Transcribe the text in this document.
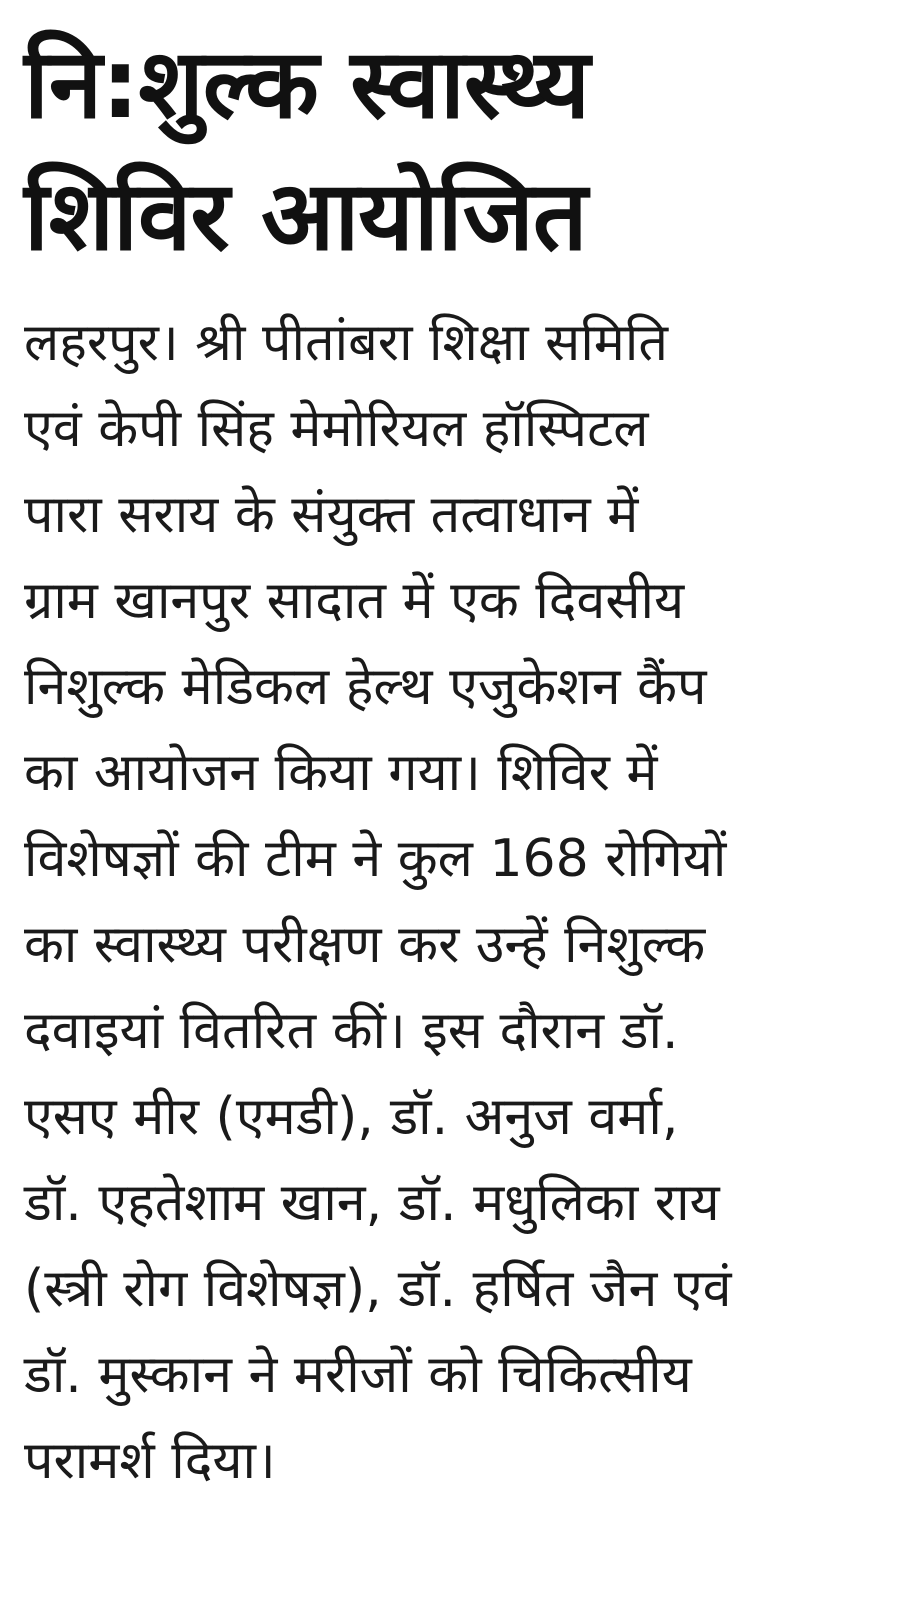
नि:शुल्क स्वास्थ्य
शिविर आयोजित
लहरपुर। श्री पीतांबरा शिक्षा समिति
एवं केपी सिंह मेमोरियल हॉस्पिटल
पारा सराय के संयुक्त तत्वाधान में
ग्राम खानपुर सादात में एक दिवसीय
निशुल्क मेडिकल हेल्थ एजुकेशन कैंप
का आयोजन किया गया। शिविर में
विशेषज्ञों की टीम ने कुल 168 रोगियों
का स्वास्थ्य परीक्षण कर उन्हें निशुल्क
दवाइयां वितरित कीं। इस दौरान डॉ.
एसए मीर (एमडी), डॉ. अनुज वर्मा,
डॉ. एहतेशाम खान, डॉ. मधुलिका राय
(स्त्री रोग विशेषज्ञ), डॉ. हर्षित जैन एवं
डॉ. मुस्कान ने मरीजों को चिकित्सीय
परामर्श दिया।
